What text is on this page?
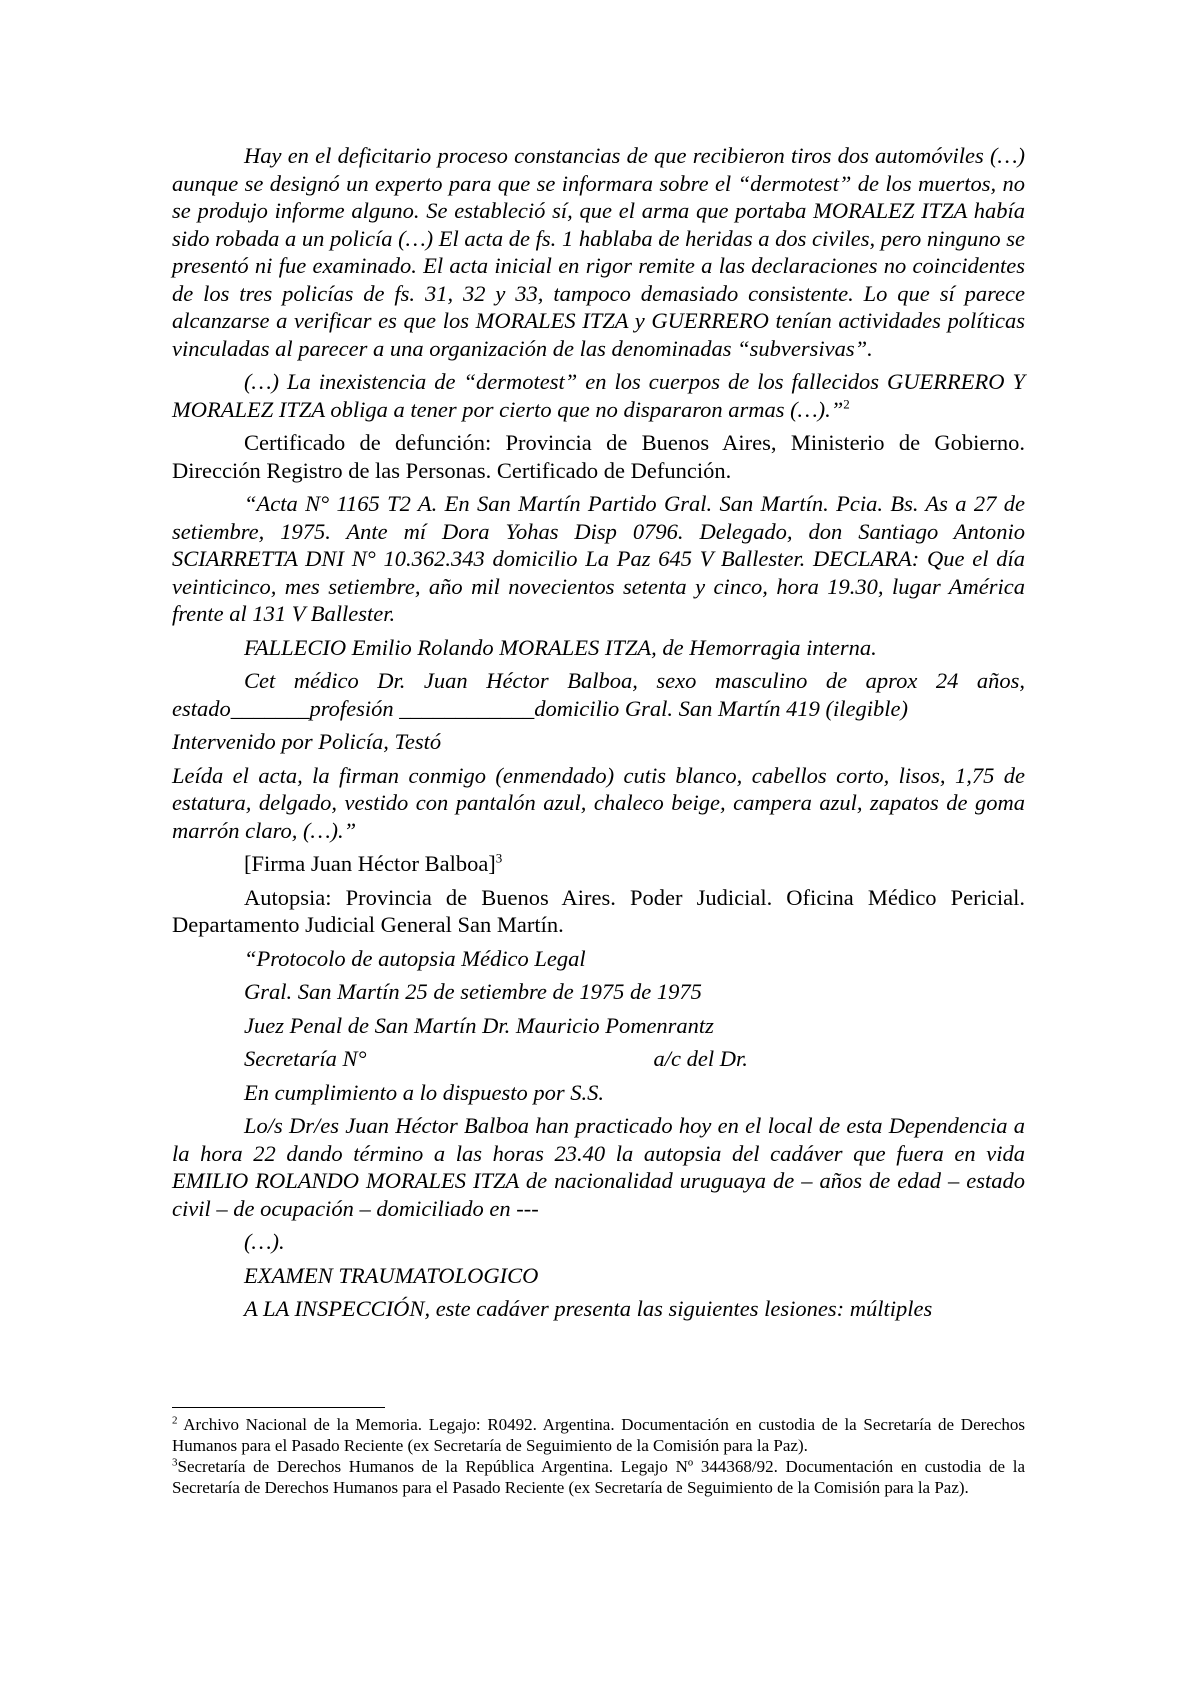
Hay en el deficitario proceso constancias de que recibieron tiros dos automóviles (…) aunque se designó un experto para que se informara sobre el “dermotest” de los muertos, no se produjo informe alguno. Se estableció sí, que el arma que portaba MORALEZ ITZA había sido robada a un policía (…) El acta de fs. 1 hablaba de heridas a dos civiles, pero ninguno se presentó ni fue examinado. El acta inicial en rigor remite a las declaraciones no coincidentes de los tres policías de fs. 31, 32 y 33, tampoco demasiado consistente. Lo que sí parece alcanzarse a verificar es que los MORALES ITZA y GUERRERO tenían actividades políticas vinculadas al parecer a una organización de las denominadas “subversivas”.

(…) La inexistencia de “dermotest” en los cuerpos de los fallecidos GUERRERO Y MORALEZ ITZA obliga a tener por cierto que no dispararon armas (…).”$^2$

Certificado de defunción: Provincia de Buenos Aires, Ministerio de Gobierno. Dirección Registro de las Personas. Certificado de Defunción.

“Acta N° 1165 T2 A. En San Martín Partido Gral. San Martín. Pcia. Bs. As a 27 de setiembre, 1975. Ante mí Dora Yohas Disp 0796. Delegado, don Santiago Antonio SCIARRETTA DNI N° 10.362.343 domicilio La Paz 645 V Ballester. DECLARA: Que el día veinticinco, mes setiembre, año mil novecientos setenta y cinco, hora 19.30, lugar América frente al 131 V Ballester.

FALLECIO Emilio Rolando MORALES ITZA, de Hemorragia interna.

Cet médico Dr. Juan Héctor Balboa, sexo masculino de aprox 24 años, estado_______profesión ____________domicilio Gral. San Martín 419 (ilegible)

Intervenido por Policía, Testó

Leída el acta, la firman conmigo (enmendado) cutis blanco, cabellos corto, lisos, 1,75 de estatura, delgado, vestido con pantalón azul, chaleco beige, campera azul, zapatos de goma marrón claro, (…).”

[Firma Juan Héctor Balboa]$^3$

Autopsia: Provincia de Buenos Aires. Poder Judicial. Oficina Médico Pericial. Departamento Judicial General San Martín.

“Protocolo de autopsia Médico Legal

Gral. San Martín 25 de setiembre de 1975 de 1975

Juez Penal de San Martín Dr. Mauricio Pomenrantz

Secretaría N°	a/c del Dr.

En cumplimiento a lo dispuesto por S.S.

Lo/s Dr/es Juan Héctor Balboa han practicado hoy en el local de esta Dependencia a la hora 22 dando término a las horas 23.40 la autopsia del cadáver que fuera en vida EMILIO ROLANDO MORALES ITZA de nacionalidad uruguaya de – años de edad – estado civil – de ocupación – domiciliado en ---

(…).

EXAMEN TRAUMATOLOGICO

A LA INSPECCIÓN, este cadáver presenta las siguientes lesiones: múltiples

$^2$ Archivo Nacional de la Memoria. Legajo: R0492. Argentina. Documentación en custodia de la Secretaría de Derechos Humanos para el Pasado Reciente (ex Secretaría de Seguimiento de la Comisión para la Paz).

$^3$Secretaría de Derechos Humanos de la República Argentina. Legajo Nº 344368/92. Documentación en custodia de la Secretaría de Derechos Humanos para el Pasado Reciente (ex Secretaría de Seguimiento de la Comisión para la Paz).
